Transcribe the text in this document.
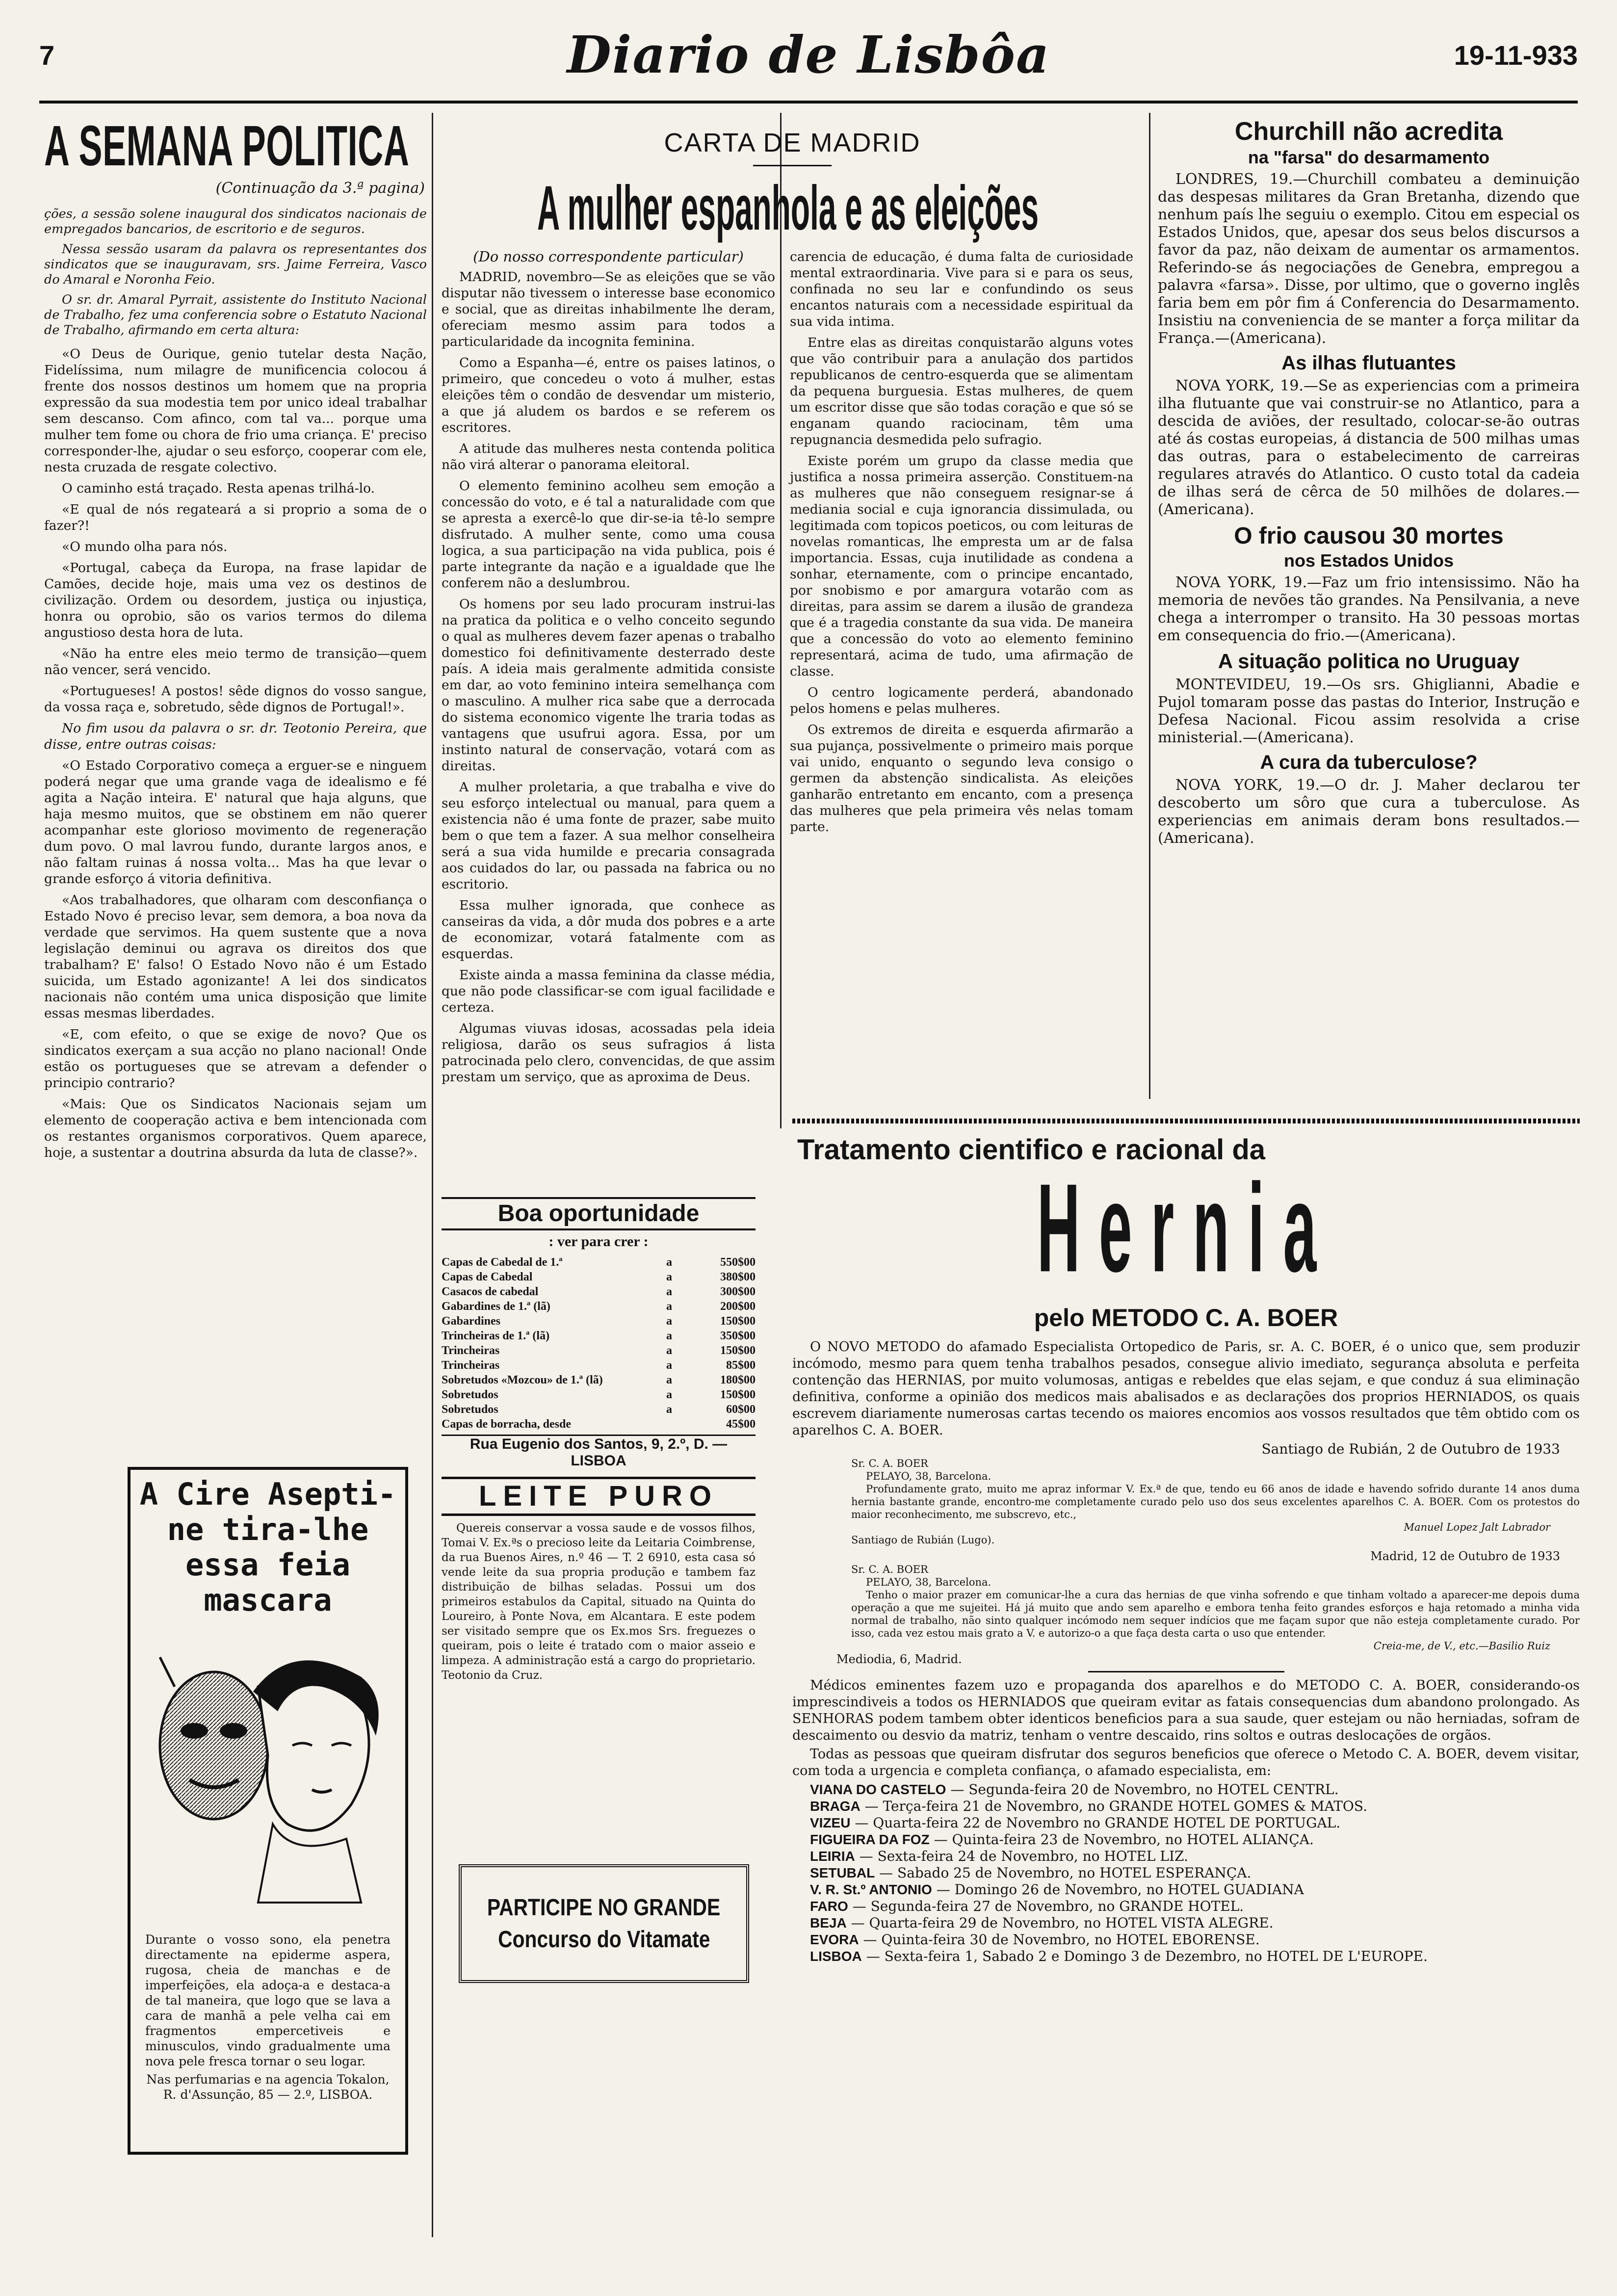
7	Diario de Lisbôa	19-11-933
A SEMANA POLITICA
(Continuação da 3.ª pagina)

ções, a sessão solene inaugural dos sindicatos nacionais de empregados bancarios, de escritorio e de seguros.

Nessa sessão usaram da palavra os representantes dos sindicatos que se inauguravam, srs. Jaime Ferreira, Vasco do Amaral e Noronha Feio.

O sr. dr. Amaral Pyrrait, assistente do Instituto Nacional de Trabalho, fez uma conferencia sobre o Estatuto Nacional de Trabalho, afirmando em certa altura:

«O Deus de Ourique, genio tutelar desta Nação, Fidelíssima, num milagre de munificencia colocou á frente dos nossos destinos um homem que na propria expressão da sua modestia tem por unico ideal trabalhar sem descanso. Com afinco, com tal va... porque uma mulher tem fome ou chora de frio uma criança. E' preciso corresponder-lhe, ajudar o seu esforço, cooperar com ele, nesta cruzada de resgate colectivo.

O caminho está traçado. Resta apenas trilhá-lo.

«E qual de nós regateará a si proprio a soma de o fazer?!

«O mundo olha para nós.

«Portugal, cabeça da Europa, na frase lapidar de Camões, decide hoje, mais uma vez os destinos de civilização. Ordem ou desordem, justiça ou injustiça, honra ou oprobio, são os varios termos do dilema angustioso desta hora de luta.

«Não ha entre eles meio termo de transição—quem não vencer, será vencido.

«Portugueses! A postos! sêde dignos do vosso sangue, da vossa raça e, sobretudo, sêde dignos de Portugal!».

No fim usou da palavra o sr. dr. Teotonio Pereira, que disse, entre outras coisas:

«O Estado Corporativo começa a erguer-se e ninguem poderá negar que uma grande vaga de idealismo e fé agita a Nação inteira. E' natural que haja alguns, que haja mesmo muitos, que se obstinem em não querer acompanhar este glorioso movimento de regeneração dum povo. O mal lavrou fundo, durante largos anos, e não faltam ruinas á nossa volta... Mas ha que levar o grande esforço á vitoria definitiva.

«Aos trabalhadores, que olharam com desconfiança o Estado Novo é preciso levar, sem demora, a boa nova da verdade que servimos. Ha quem sustente que a nova legislação deminui ou agrava os direitos dos que trabalham? E' falso! O Estado Novo não é um Estado suicida, um Estado agonizante! A lei dos sindicatos nacionais não contém uma unica disposição que limite essas mesmas liberdades.

«E, com efeito, o que se exige de novo? Que os sindicatos exerçam a sua acção no plano nacional! Onde estão os portugueses que se atrevam a defender o principio contrario?

«Mais: Que os Sindicatos Nacionais sejam um elemento de cooperação activa e bem intencionada com os restantes organismos corporativos. Quem aparece, hoje, a sustentar a doutrina absurda da luta de classe?».

A Cire Asepti-
ne tira-lhe
essa feia
mascara
Durante o vosso sono, ela penetra directamente na epiderme aspera, rugosa, cheia de manchas e de imperfeições, ela adoça-a e destaca-a de tal maneira, que logo que se lava a cara de manhã a pele velha cai em fragmentos empercetiveis e minusculos, vindo gradualmente uma nova pele fresca tornar o seu logar.
Nas perfumarias e na agencia Tokalon, R. d'Assunção, 85 — 2.º, LISBOA.
CARTA DE MADRID
A mulher espanhola e as eleições
(Do nosso correspondente particular)

MADRID, novembro—Se as eleições que se vão disputar não tivessem o interesse base economico e social, que as direitas inhabilmente lhe deram, ofereciam mesmo assim para todos a particularidade da incognita feminina.

Como a Espanha—é, entre os paises latinos, o primeiro, que concedeu o voto á mulher, estas eleições têm o condão de desvendar um misterio, a que já aludem os bardos e se referem os escritores.

A atitude das mulheres nesta contenda politica não virá alterar o panorama eleitoral.

O elemento feminino acolheu sem emoção a concessão do voto, e é tal a naturalidade com que se apresta a exercê-lo que dir-se-ia tê-lo sempre disfrutado. A mulher sente, como uma cousa logica, a sua participação na vida publica, pois é parte integrante da nação e a igualdade que lhe conferem não a deslumbrou.

Os homens por seu lado procuram instrui-las na pratica da politica e o velho conceito segundo o qual as mulheres devem fazer apenas o trabalho domestico foi definitivamente desterrado deste país. A ideia mais geralmente admitida consiste em dar, ao voto feminino inteira semelhança com o masculino. A mulher rica sabe que a derrocada do sistema economico vigente lhe traria todas as vantagens que usufrui agora. Essa, por um instinto natural de conservação, votará com as direitas.

A mulher proletaria, a que trabalha e vive do seu esforço intelectual ou manual, para quem a existencia não é uma fonte de prazer, sabe muito bem o que tem a fazer. A sua melhor conselheira será a sua vida humilde e precaria consagrada aos cuidados do lar, ou passada na fabrica ou no escritorio.

Essa mulher ignorada, que conhece as canseiras da vida, a dôr muda dos pobres e a arte de economizar, votará fatalmente com as esquerdas.

Existe ainda a massa feminina da classe média, que não pode classificar-se com igual facilidade e certeza.

Algumas viuvas idosas, acossadas pela ideia religiosa, darão os seus sufragios á lista patrocinada pelo clero, convencidas, de que assim prestam um serviço, que as aproxima de Deus.

carencia de educação, é duma falta de curiosidade mental extraordinaria. Vive para si e para os seus, confinada no seu lar e confundindo os seus encantos naturais com a necessidade espiritual da sua vida intima.

Entre elas as direitas conquistarão alguns votes que vão contribuir para a anulação dos partidos republicanos de centro-esquerda que se alimentam da pequena burguesia. Estas mulheres, de quem um escritor disse que são todas coração e que só se enganam quando raciocinam, têm uma repugnancia desmedida pelo sufragio.

Existe porém um grupo da classe media que justifica a nossa primeira asserção. Constituem-na as mulheres que não conseguem resignar-se á mediania social e cuja ignorancia dissimulada, ou legitimada com topicos poeticos, ou com leituras de novelas romanticas, lhe empresta um ar de falsa importancia. Essas, cuja inutilidade as condena a sonhar, eternamente, com o principe encantado, por snobismo e por amargura votarão com as direitas, para assim se darem a ilusão de grandeza que é a tragedia constante da sua vida. De maneira que a concessão do voto ao elemento feminino representará, acima de tudo, uma afirmação de classe.

O centro logicamente perderá, abandonado pelos homens e pelas mulheres.

Os extremos de direita e esquerda afirmarão a sua pujança, possivelmente o primeiro mais porque vai unido, enquanto o segundo leva consigo o germen da abstenção sindicalista. As eleições ganharão entretanto em encanto, com a presença das mulheres que pela primeira vês nelas tomam parte.

Boa oportunidade
: ver para crer :
Capas de Cabedal de 1.ª	a	550$00
Capas de Cabedal	a	380$00
Casacos de cabedal	a	300$00
Gabardines de 1.ª (lã)	a	200$00
Gabardines	a	150$00
Trincheiras de 1.ª (lã)	a	350$00
Trincheiras	a	150$00
Trincheiras	a	85$00
Sobretudos «Mozcou» de 1.ª (lã)	a	180$00
Sobretudos	a	150$00
Sobretudos	a	60$00
Capas de borracha, desde	45$00
Rua Eugenio dos Santos, 9, 2.º, D. — LISBOA
LEITE PURO
Quereis conservar a vossa saude e de vossos filhos, Tomai V. Ex.ªs o precioso leite da Leitaria Coimbrense, da rua Buenos Aires, n.º 46 — T. 2 6910, esta casa só vende leite da sua propria produção e tambem faz distribuição de bilhas seladas. Possui um dos primeiros estabulos da Capital, situado na Quinta do Loureiro, à Ponte Nova, em Alcantara. E este podem ser visitado sempre que os Ex.mos Srs. freguezes o queiram, pois o leite é tratado com o maior asseio e limpeza. A administração está a cargo do proprietario. Teotonio da Cruz.
PARTICIPE NO GRANDE
Concurso do Vitamate
Churchill não acredita
na "farsa" do desarmamento

LONDRES, 19.—Churchill combateu a deminuição das despesas militares da Gran Bretanha, dizendo que nenhum país lhe seguiu o exemplo. Citou em especial os Estados Unidos, que, apesar dos seus belos discursos a favor da paz, não deixam de aumentar os armamentos. Referindo-se ás negociações de Genebra, empregou a palavra «farsa». Disse, por ultimo, que o governo inglês faria bem em pôr fim á Conferencia do Desarmamento. Insistiu na conveniencia de se manter a força militar da França.—(Americana).

As ilhas flutuantes

NOVA YORK, 19.—Se as experiencias com a primeira ilha flutuante que vai construir-se no Atlantico, para a descida de aviões, der resultado, colocar-se-ão outras até ás costas europeias, á distancia de 500 milhas umas das outras, para o estabelecimento de carreiras regulares através do Atlantico. O custo total da cadeia de ilhas será de cêrca de 50 milhões de dolares.—(Americana).

O frio causou 30 mortes
nos Estados Unidos

NOVA YORK, 19.—Faz um frio intensissimo. Não ha memoria de nevões tão grandes. Na Pensilvania, a neve chega a interromper o transito. Ha 30 pessoas mortas em consequencia do frio.—(Americana).

A situação politica no Uruguay

MONTEVIDEU, 19.—Os srs. Ghiglianni, Abadie e Pujol tomaram posse das pastas do Interior, Instrução e Defesa Nacional. Ficou assim resolvida a crise ministerial.—(Americana).

A cura da tuberculose?

NOVA YORK, 19.—O dr. J. Maher declarou ter descoberto um sôro que cura a tuberculose. As experiencias em animais deram bons resultados.—(Americana).

Tratamento cientifico e racional da
Hernia
pelo METODO C. A. BOER

O NOVO METODO do afamado Especialista Ortopedico de Paris, sr. A. C. BOER, é o unico que, sem produzir incómodo, mesmo para quem tenha trabalhos pesados, consegue alivio imediato, segurança absoluta e perfeita contenção das HERNIAS, por muito volumosas, antigas e rebeldes que elas sejam, e que conduz á sua eliminação definitiva, conforme a opinião dos medicos mais abalisados e as declarações dos proprios HERNIADOS, os quais escrevem diariamente numerosas cartas tecendo os maiores encomios aos vossos resultados que têm obtido com os aparelhos C. A. BOER.

Santiago de Rubián, 2 de Outubro de 1933

Sr. C. A. BOER

PELAYO, 38, Barcelona.

Profundamente grato, muito me apraz informar V. Ex.ª de que, tendo eu 66 anos de idade e havendo sofrido durante 14 anos duma hernia bastante grande, encontro-me completamente curado pelo uso dos seus excelentes aparelhos C. A. BOER. Com os protestos do maior reconhecimento, me subscrevo, etc.,

Manuel Lopez Jalt Labrador

Santiago de Rubián (Lugo).

Madrid, 12 de Outubro de 1933

Sr. C. A. BOER

PELAYO, 38, Barcelona.

Tenho o maior prazer em comunicar-lhe a cura das hernias de que vinha sofrendo e que tinham voltado a aparecer-me depois duma operação a que me sujeitei. Há já muito que ando sem aparelho e embora tenha feito grandes esforços e haja retomado a minha vida normal de trabalho, não sinto qualquer incómodo nem sequer indícios que me façam supor que não esteja completamente curado. Por isso, cada vez estou mais grato a V. e autorizo-o a que faça desta carta o uso que entender.

Creia-me, de V., etc.—Basilio Ruiz

Mediodia, 6, Madrid.

Médicos eminentes fazem uzo e propaganda dos aparelhos e do METODO C. A. BOER, considerando-os imprescindiveis a todos os HERNIADOS que queiram evitar as fatais consequencias dum abandono prolongado. As SENHORAS podem tambem obter identicos beneficios para a sua saude, quer estejam ou não herniadas, sofram de descaimento ou desvio da matriz, tenham o ventre descaido, rins soltos e outras deslocações de orgãos.

Todas as pessoas que queiram disfrutar dos seguros beneficios que oferece o Metodo C. A. BOER, devem visitar, com toda a urgencia e completa confiança, o afamado especialista, em:

VIANA DO CASTELO — Segunda-feira 20 de Novembro, no HOTEL CENTRL.

BRAGA — Terça-feira 21 de Novembro, no GRANDE HOTEL GOMES & MATOS.

VIZEU — Quarta-feira 22 de Novembro no GRANDE HOTEL DE PORTUGAL.

FIGUEIRA DA FOZ — Quinta-feira 23 de Novembro, no HOTEL ALIANÇA.

LEIRIA — Sexta-feira 24 de Novembro, no HOTEL LIZ.

SETUBAL — Sabado 25 de Novembro, no HOTEL ESPERANÇA.

V. R. St.º ANTONIO — Domingo 26 de Novembro, no HOTEL GUADIANA

FARO — Segunda-feira 27 de Novembro, no GRANDE HOTEL.

BEJA — Quarta-feira 29 de Novembro, no HOTEL VISTA ALEGRE.

EVORA — Quinta-feira 30 de Novembro, no HOTEL EBORENSE.

LISBOA — Sexta-feira 1, Sabado 2 e Domingo 3 de Dezembro, no HOTEL DE L'EUROPE.
